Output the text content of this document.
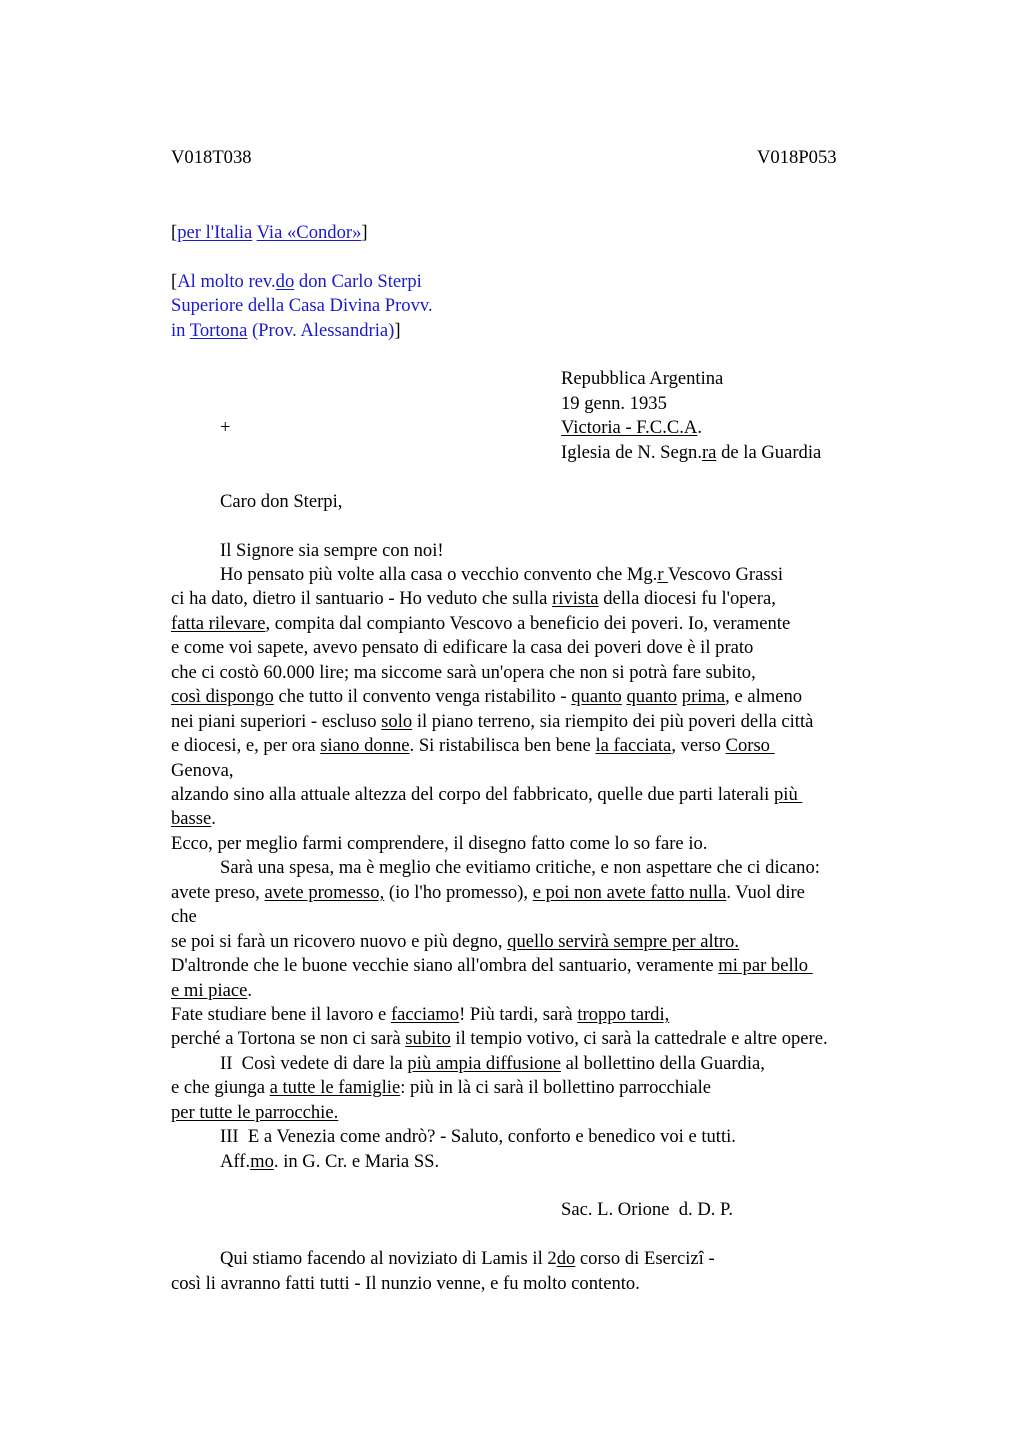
V018T038	V018P053
[per l'Italia Via «Condor»]
[Al molto rev.do don Carlo Sterpi
Superiore della Casa Divina Provv.
in Tortona (Prov. Alessandria)]
Repubblica Argentina
19 genn. 1935
+	Victoria - F.C.C.A.
Iglesia de N. Segn.ra de la Guardia
Caro don Sterpi,
Il Signore sia sempre con noi!
Ho pensato più volte alla casa o vecchio convento che Mg.r Vescovo Grassi
ci ha dato, dietro il santuario - Ho veduto che sulla rivista della diocesi fu l'opera,
fatta rilevare, compita dal compianto Vescovo a beneficio dei poveri. Io, veramente
e come voi sapete, avevo pensato di edificare la casa dei poveri dove è il prato
che ci costò 60.000 lire; ma siccome sarà un'opera che non si potrà fare subito,
così dispongo che tutto il convento venga ristabilito - quanto quanto prima, e almeno
nei piani superiori - escluso solo il piano terreno, sia riempito dei più poveri della città
e diocesi, e, per ora siano donne. Si ristabilisca ben bene la facciata, verso Corso
Genova,
alzando sino alla attuale altezza del corpo del fabbricato, quelle due parti laterali più
basse.
Ecco, per meglio farmi comprendere, il disegno fatto come lo so fare io.
Sarà una spesa, ma è meglio che evitiamo critiche, e non aspettare che ci dicano:
avete preso, avete promesso, (io l'ho promesso), e poi non avete fatto nulla. Vuol dire
che
se poi si farà un ricovero nuovo e più degno, quello servirà sempre per altro.
D'altronde che le buone vecchie siano all'ombra del santuario, veramente mi par bello
e mi piace.
Fate studiare bene il lavoro e facciamo! Più tardi, sarà troppo tardi,
perché a Tortona se non ci sarà subito il tempio votivo, ci sarà la cattedrale e altre opere.
II  Così vedete di dare la più ampia diffusione al bollettino della Guardia,
e che giunga a tutte le famiglie: più in là ci sarà il bollettino parrocchiale
per tutte le parrocchie.
III  E a Venezia come andrò? - Saluto, conforto e benedico voi e tutti.
Aff.mo. in G. Cr. e Maria SS.
Sac. L. Orione  d. D. P.
Qui stiamo facendo al noviziato di Lamis il 2do corso di Esercizî -
così li avranno fatti tutti - Il nunzio venne, e fu molto contento.
